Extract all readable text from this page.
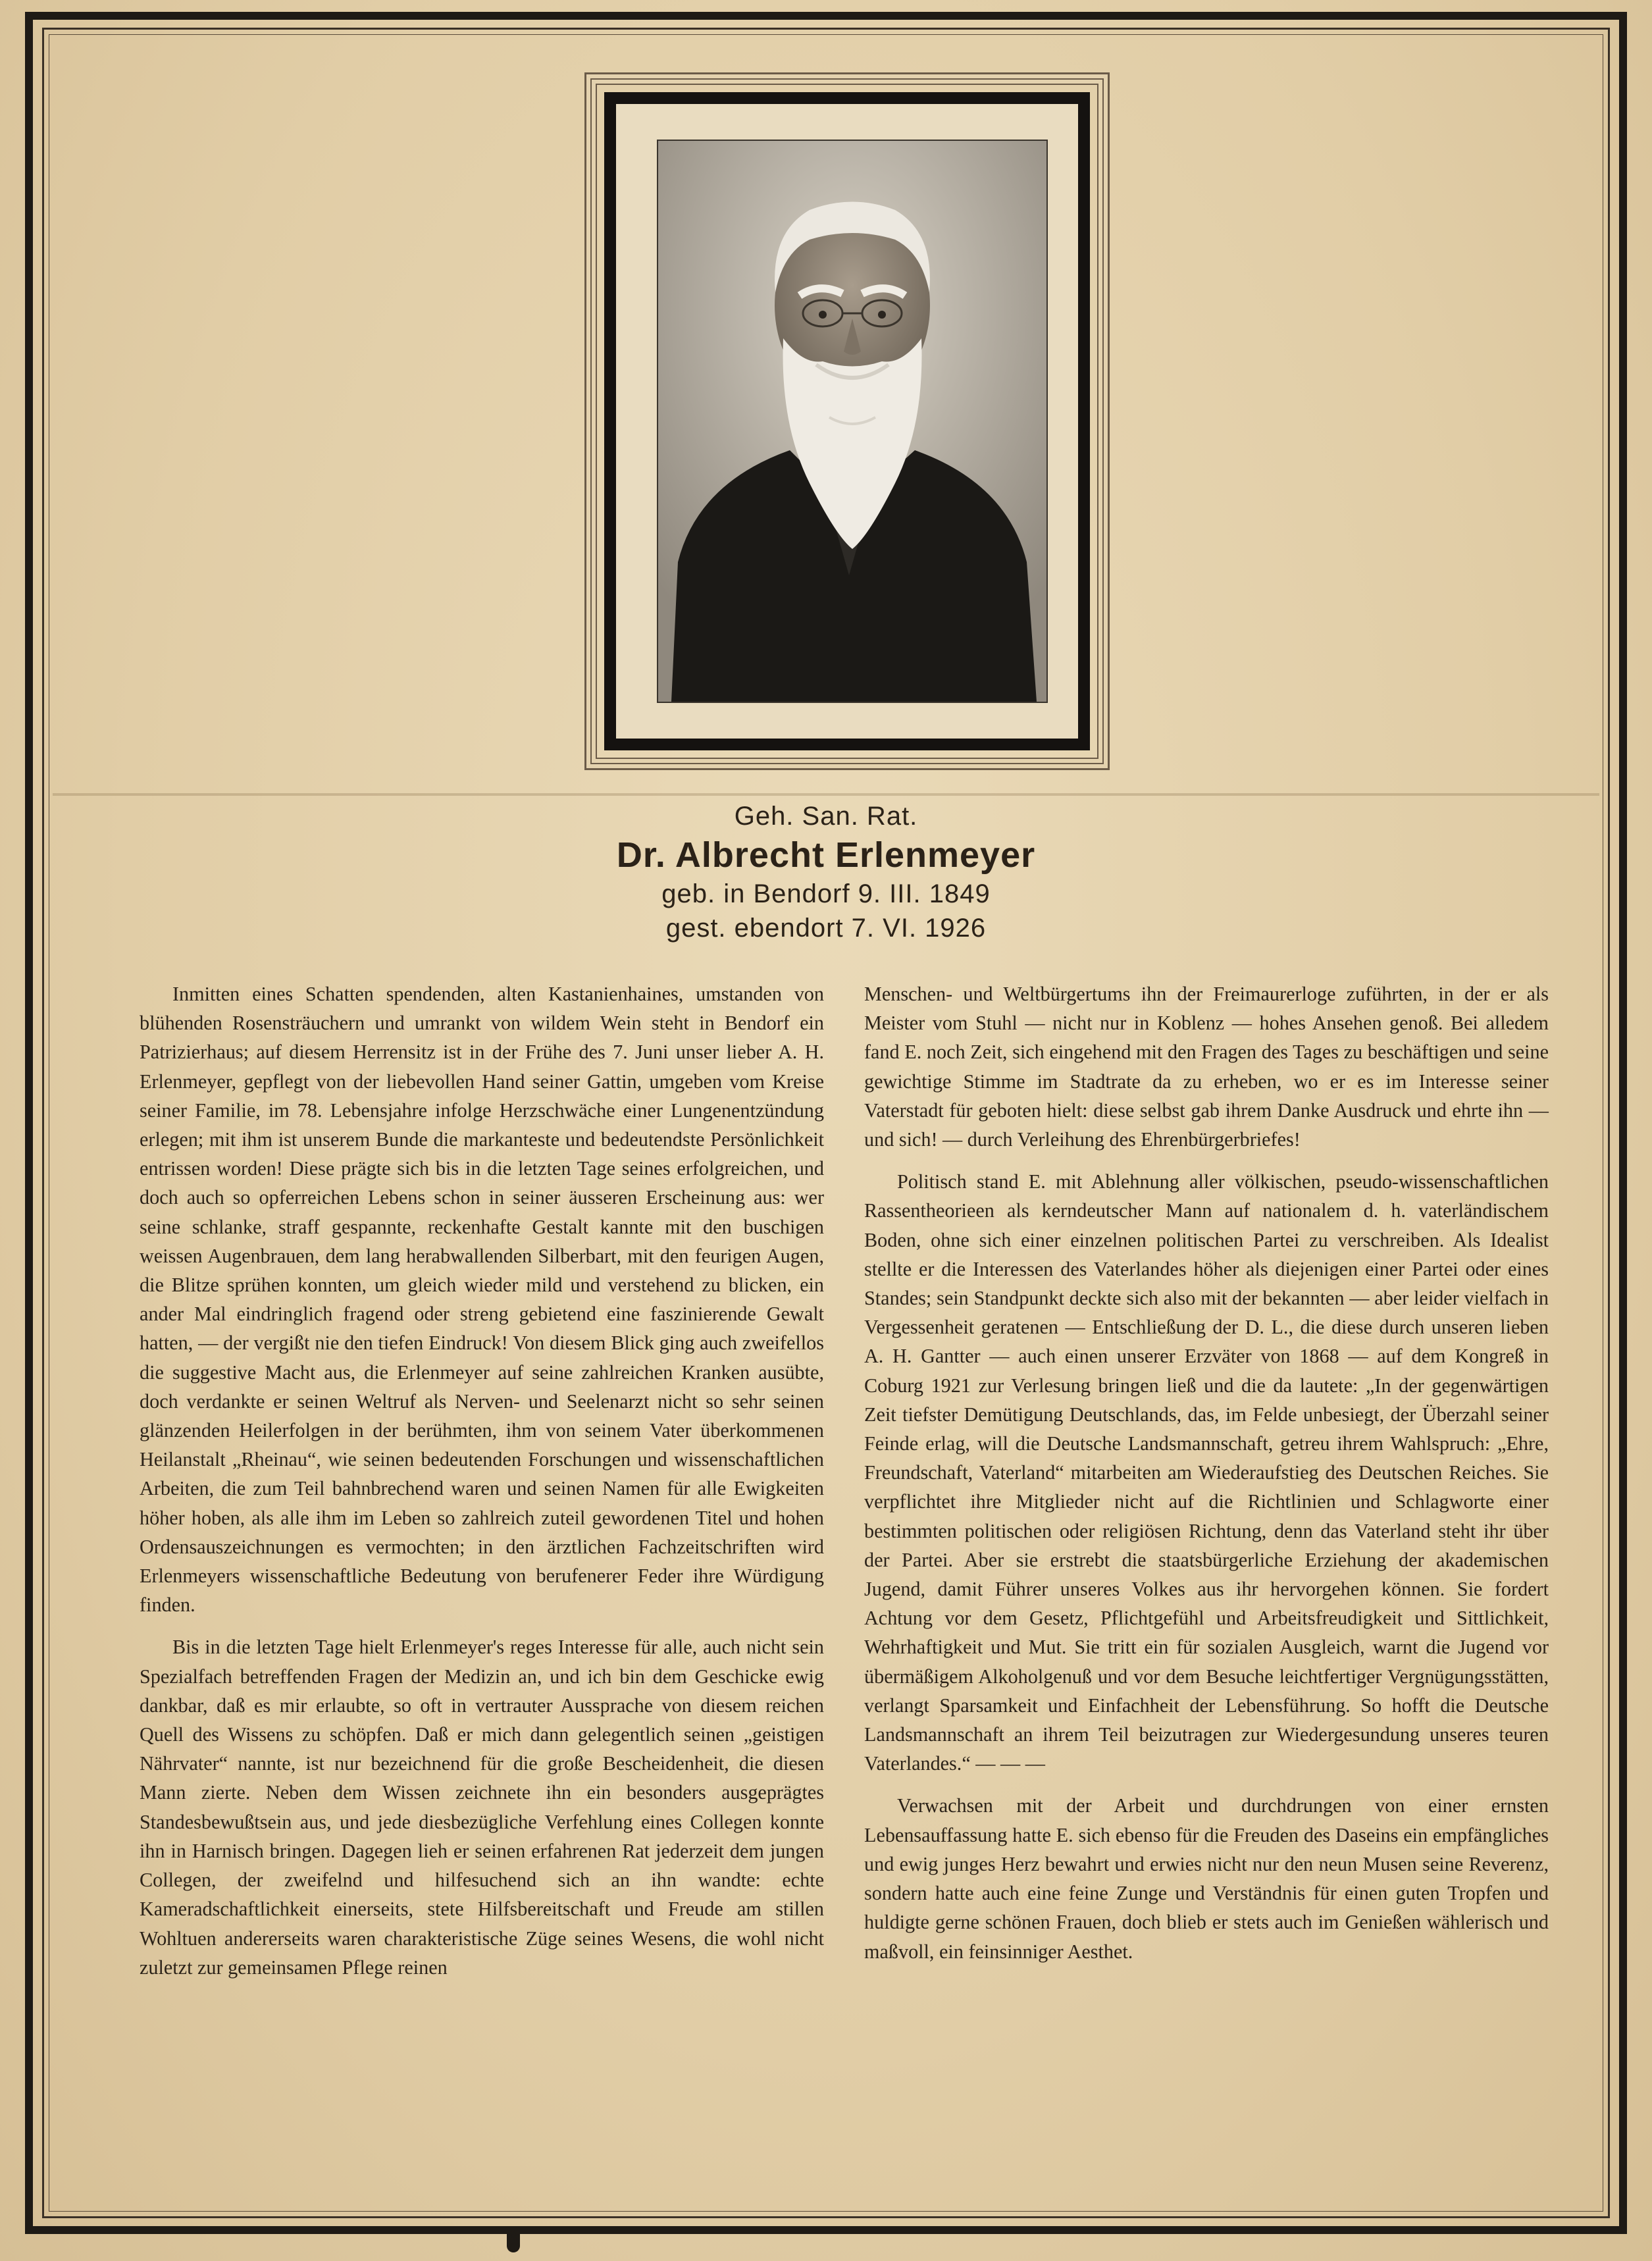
Geh. San. Rat.
Dr. Albrecht Erlenmeyer
geb. in Bendorf 9. III. 1849
gest. ebendort 7. VI. 1926

Inmitten eines Schatten spendenden, alten Kastanienhaines, umstanden von blühenden Rosensträuchern und umrankt von wildem Wein steht in Bendorf ein Patrizierhaus; auf diesem Herrensitz ist in der Frühe des 7. Juni unser lieber A. H. Erlenmeyer, gepflegt von der liebevollen Hand seiner Gattin, umgeben vom Kreise seiner Familie, im 78. Lebensjahre infolge Herzschwäche einer Lungenentzündung erlegen; mit ihm ist unserem Bunde die markanteste und bedeutendste Persönlichkeit entrissen worden! Diese prägte sich bis in die letzten Tage seines erfolgreichen, und doch auch so opferreichen Lebens schon in seiner äusseren Erscheinung aus: wer seine schlanke, straff gespannte, reckenhafte Gestalt kannte mit den buschigen weissen Augenbrauen, dem lang herabwallenden Silberbart, mit den feurigen Augen, die Blitze sprühen konnten, um gleich wieder mild und verstehend zu blicken, ein ander Mal eindringlich fragend oder streng gebietend eine faszinierende Gewalt hatten, — der vergißt nie den tiefen Eindruck! Von diesem Blick ging auch zweifellos die suggestive Macht aus, die Erlenmeyer auf seine zahlreichen Kranken ausübte, doch verdankte er seinen Weltruf als Nerven- und Seelenarzt nicht so sehr seinen glänzenden Heilerfolgen in der berühmten, ihm von seinem Vater überkommenen Heilanstalt „Rheinau“, wie seinen bedeutenden Forschungen und wissenschaftlichen Arbeiten, die zum Teil bahnbrechend waren und seinen Namen für alle Ewigkeiten höher hoben, als alle ihm im Leben so zahlreich zuteil gewordenen Titel und hohen Ordensauszeichnungen es vermochten; in den ärztlichen Fachzeitschriften wird Erlenmeyers wissenschaftliche Bedeutung von berufenerer Feder ihre Würdigung finden.

Bis in die letzten Tage hielt Erlenmeyer's reges Interesse für alle, auch nicht sein Spezialfach betreffenden Fragen der Medizin an, und ich bin dem Geschicke ewig dankbar, daß es mir erlaubte, so oft in vertrauter Aussprache von diesem reichen Quell des Wissens zu schöpfen. Daß er mich dann gelegentlich seinen „geistigen Nährvater“ nannte, ist nur bezeichnend für die große Bescheidenheit, die diesen Mann zierte. Neben dem Wissen zeichnete ihn ein besonders ausgeprägtes Standesbewußtsein aus, und jede diesbezügliche Verfehlung eines Collegen konnte ihn in Harnisch bringen. Dagegen lieh er seinen erfahrenen Rat jederzeit dem jungen Collegen, der zweifelnd und hilfesuchend sich an ihn wandte: echte Kameradschaftlichkeit einerseits, stete Hilfsbereitschaft und Freude am stillen Wohltuen andererseits waren charakteristische Züge seines Wesens, die wohl nicht zuletzt zur gemeinsamen Pflege reinen

Menschen- und Weltbürgertums ihn der Freimaurerloge zuführten, in der er als Meister vom Stuhl — nicht nur in Koblenz — hohes Ansehen genoß. Bei alledem fand E. noch Zeit, sich eingehend mit den Fragen des Tages zu beschäftigen und seine gewichtige Stimme im Stadtrate da zu erheben, wo er es im Interesse seiner Vaterstadt für geboten hielt: diese selbst gab ihrem Danke Ausdruck und ehrte ihn — und sich! — durch Verleihung des Ehrenbürgerbriefes!

Politisch stand E. mit Ablehnung aller völkischen, pseudo-wissenschaftlichen Rassentheorieen als kerndeutscher Mann auf nationalem d. h. vaterländischem Boden, ohne sich einer einzelnen politischen Partei zu verschreiben. Als Idealist stellte er die Interessen des Vaterlandes höher als diejenigen einer Partei oder eines Standes; sein Standpunkt deckte sich also mit der bekannten — aber leider vielfach in Vergessenheit geratenen — Entschließung der D. L., die diese durch unseren lieben A. H. Gantter — auch einen unserer Erzväter von 1868 — auf dem Kongreß in Coburg 1921 zur Verlesung bringen ließ und die da lautete: „In der gegenwärtigen Zeit tiefster Demütigung Deutschlands, das, im Felde unbesiegt, der Überzahl seiner Feinde erlag, will die Deutsche Landsmannschaft, getreu ihrem Wahlspruch: „Ehre, Freundschaft, Vaterland“ mitarbeiten am Wiederaufstieg des Deutschen Reiches. Sie verpflichtet ihre Mitglieder nicht auf die Richtlinien und Schlagworte einer bestimmten politischen oder religiösen Richtung, denn das Vaterland steht ihr über der Partei. Aber sie erstrebt die staatsbürgerliche Erziehung der akademischen Jugend, damit Führer unseres Volkes aus ihr hervorgehen können. Sie fordert Achtung vor dem Gesetz, Pflichtgefühl und Arbeitsfreudigkeit und Sittlichkeit, Wehrhaftigkeit und Mut. Sie tritt ein für sozialen Ausgleich, warnt die Jugend vor übermäßigem Alkoholgenuß und vor dem Besuche leichtfertiger Vergnügungsstätten, verlangt Sparsamkeit und Einfachheit der Lebensführung. So hofft die Deutsche Landsmannschaft an ihrem Teil beizutragen zur Wiedergesundung unseres teuren Vaterlandes.“ — — —

Verwachsen mit der Arbeit und durchdrungen von einer ernsten Lebensauffassung hatte E. sich ebenso für die Freuden des Daseins ein empfängliches und ewig junges Herz bewahrt und erwies nicht nur den neun Musen seine Reverenz, sondern hatte auch eine feine Zunge und Verständnis für einen guten Tropfen und huldigte gerne schönen Frauen, doch blieb er stets auch im Genießen wählerisch und maßvoll, ein feinsinniger Aesthet.
